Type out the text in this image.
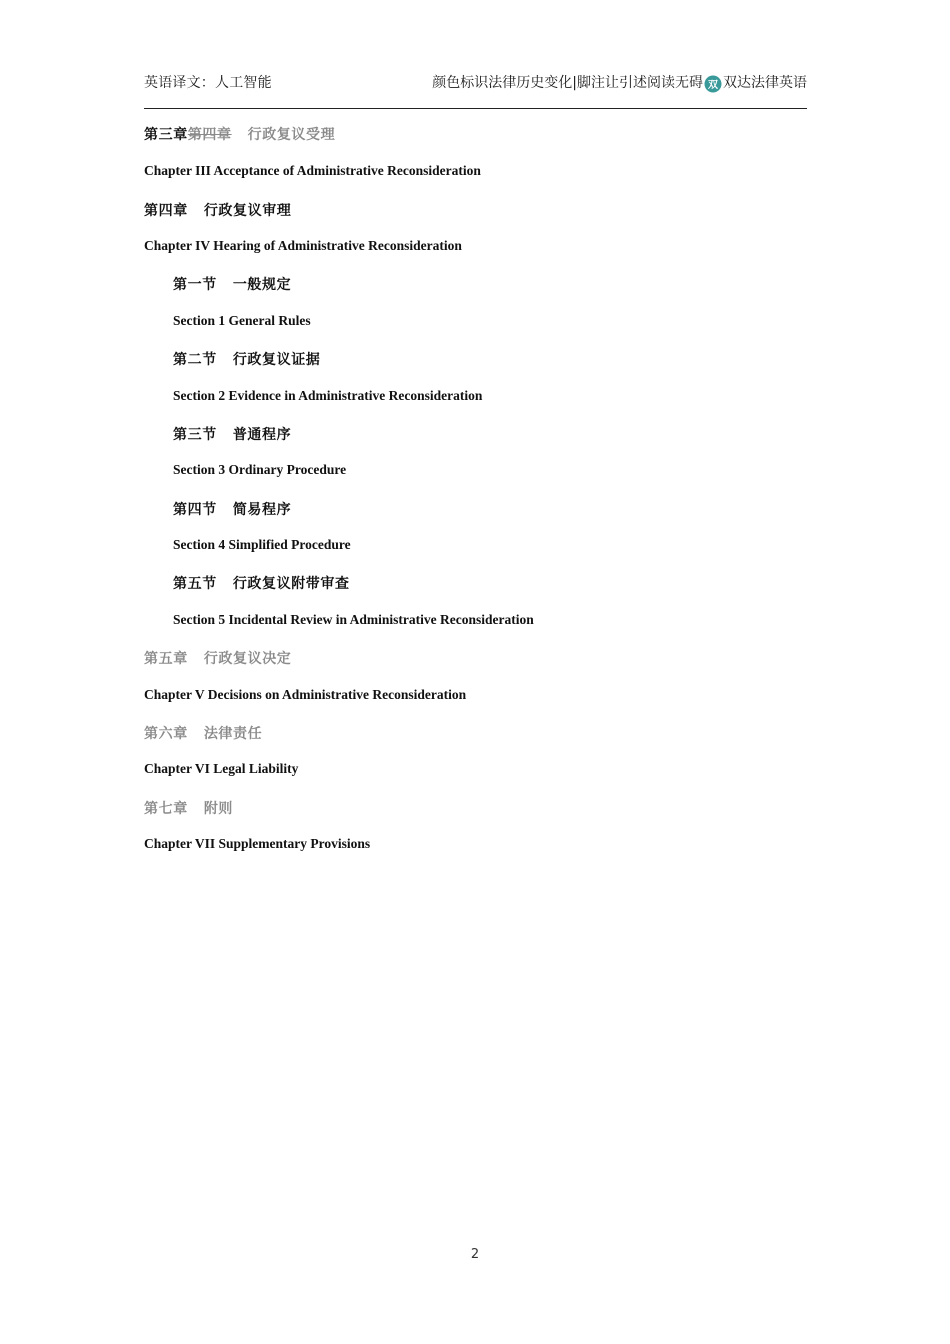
英语译文：人工智能	颜色标识法律历史变化|脚注让引述阅读无碍 双 双达法律英语
第三章第四章 行政复议受理
Chapter III Acceptance of Administrative Reconsideration
第四章 行政复议审理
Chapter IV Hearing of Administrative Reconsideration
第一节 一般规定
Section 1 General Rules
第二节 行政复议证据
Section 2 Evidence in Administrative Reconsideration
第三节 普通程序
Section 3 Ordinary Procedure
第四节 简易程序
Section 4 Simplified Procedure
第五节 行政复议附带审查
Section 5 Incidental Review in Administrative Reconsideration
第五章 行政复议决定
Chapter V Decisions on Administrative Reconsideration
第六章 法律责任
Chapter VI Legal Liability
第七章 附则
Chapter VII Supplementary Provisions
2
